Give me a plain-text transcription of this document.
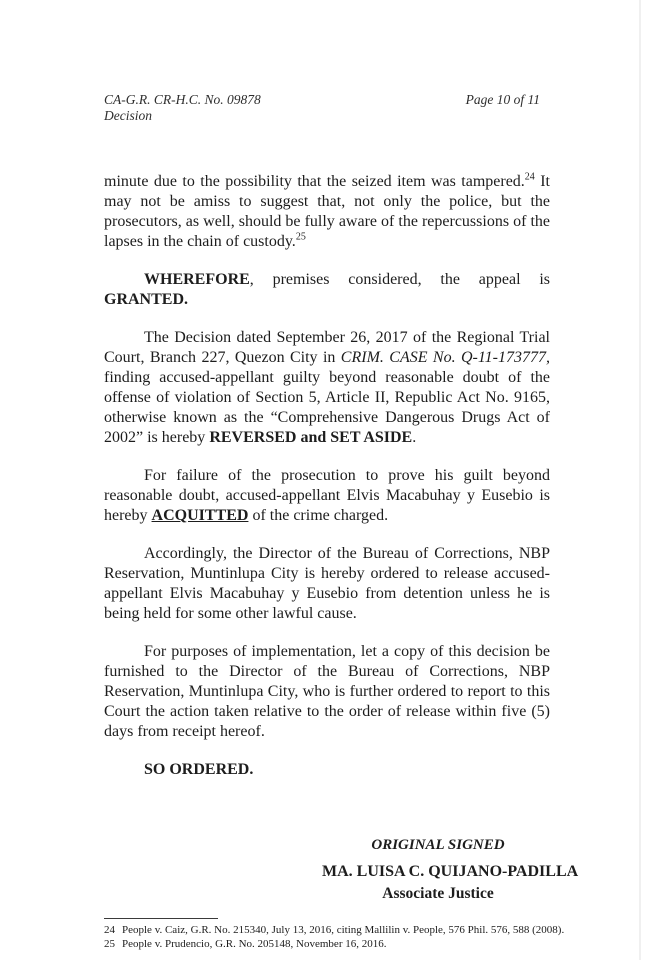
CA-G.R. CR-H.C. No. 09878
Decision
Page 10 of 11

minute due to the possibility that the seized item was tampered.$^{24}$ It may not be amiss to suggest that, not only the police, but the prosecutors, as well, should be fully aware of the repercussions of the lapses in the chain of custody.$^{25}$

WHEREFORE, premises considered, the appeal is GRANTED.

The Decision dated September 26, 2017 of the Regional Trial Court, Branch 227, Quezon City in CRIM. CASE No. Q-11-173777, finding accused-appellant guilty beyond reasonable doubt of the offense of violation of Section 5, Article II, Republic Act No. 9165, otherwise known as the “Comprehensive Dangerous Drugs Act of 2002” is hereby REVERSED and SET ASIDE.

For failure of the prosecution to prove his guilt beyond reasonable doubt, accused-appellant Elvis Macabuhay y Eusebio is hereby ACQUITTED of the crime charged.

Accordingly, the Director of the Bureau of Corrections, NBP Reservation, Muntinlupa City is hereby ordered to release accused-appellant Elvis Macabuhay y Eusebio from detention unless he is being held for some other lawful cause.

For purposes of implementation, let a copy of this decision be furnished to the Director of the Bureau of Corrections, NBP Reservation, Muntinlupa City, who is further ordered to report to this Court the action taken relative to the order of release within five (5) days from receipt hereof.

SO ORDERED.

ORIGINAL SIGNED
MA. LUISA C. QUIJANO-PADILLA
Associate Justice
24 People v. Caiz, G.R. No. 215340, July 13, 2016, citing Mallilin v. People, 576 Phil. 576, 588 (2008).
25 People v. Prudencio, G.R. No. 205148, November 16, 2016.
